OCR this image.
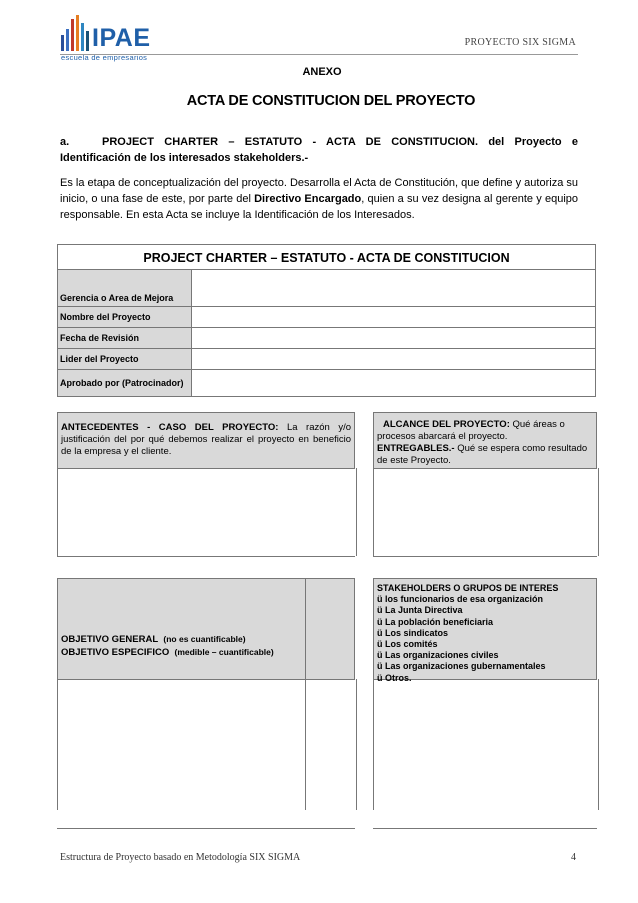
IPAE
escuela de empresarios
PROYECTO SIX SIGMA
ANEXO
ACTA DE CONSTITUCION DEL PROYECTO
a.	PROJECT CHARTER – ESTATUTO - ACTA DE CONSTITUCION. del Proyecto e Identificación de los interesados stakeholders.-
Es la etapa de conceptualización del proyecto. Desarrolla el Acta de Constitución, que define y autoriza su inicio, o una fase de este, por parte del Directivo Encargado, quien a su vez designa al gerente y equipo responsable. En esta Acta se incluye la Identificación de los Interesados.
PROJECT CHARTER – ESTATUTO - ACTA DE CONSTITUCION	
Gerencia o Area de Mejora	
Nombre del Proyecto	
Fecha de Revisión	
Lider del Proyecto	
Aprobado por (Patrocinador)	
ANTECEDENTES - CASO DEL PROYECTO: La razón y/o justificación del por qué debemos realizar el proyecto en beneficio de la empresa y el cliente.
ALCANCE DEL PROYECTO: Qué áreas o procesos abarcará el proyecto.
ENTREGABLES.- Qué se espera como resultado de este Proyecto.
OBJETIVO GENERAL (no es cuantificable)
OBJETIVO ESPECIFICO (medible – cuantificable)
STAKEHOLDERS O GRUPOS DE INTERES
ü los funcionarios de esa organización
ü La Junta Directiva
ü La población beneficiaria
ü Los sindicatos
ü Los comités
ü Las organizaciones civiles
ü Las organizaciones gubernamentales
ü Otros.
Estructura de Proyecto basado en Metodología SIX SIGMA	4
